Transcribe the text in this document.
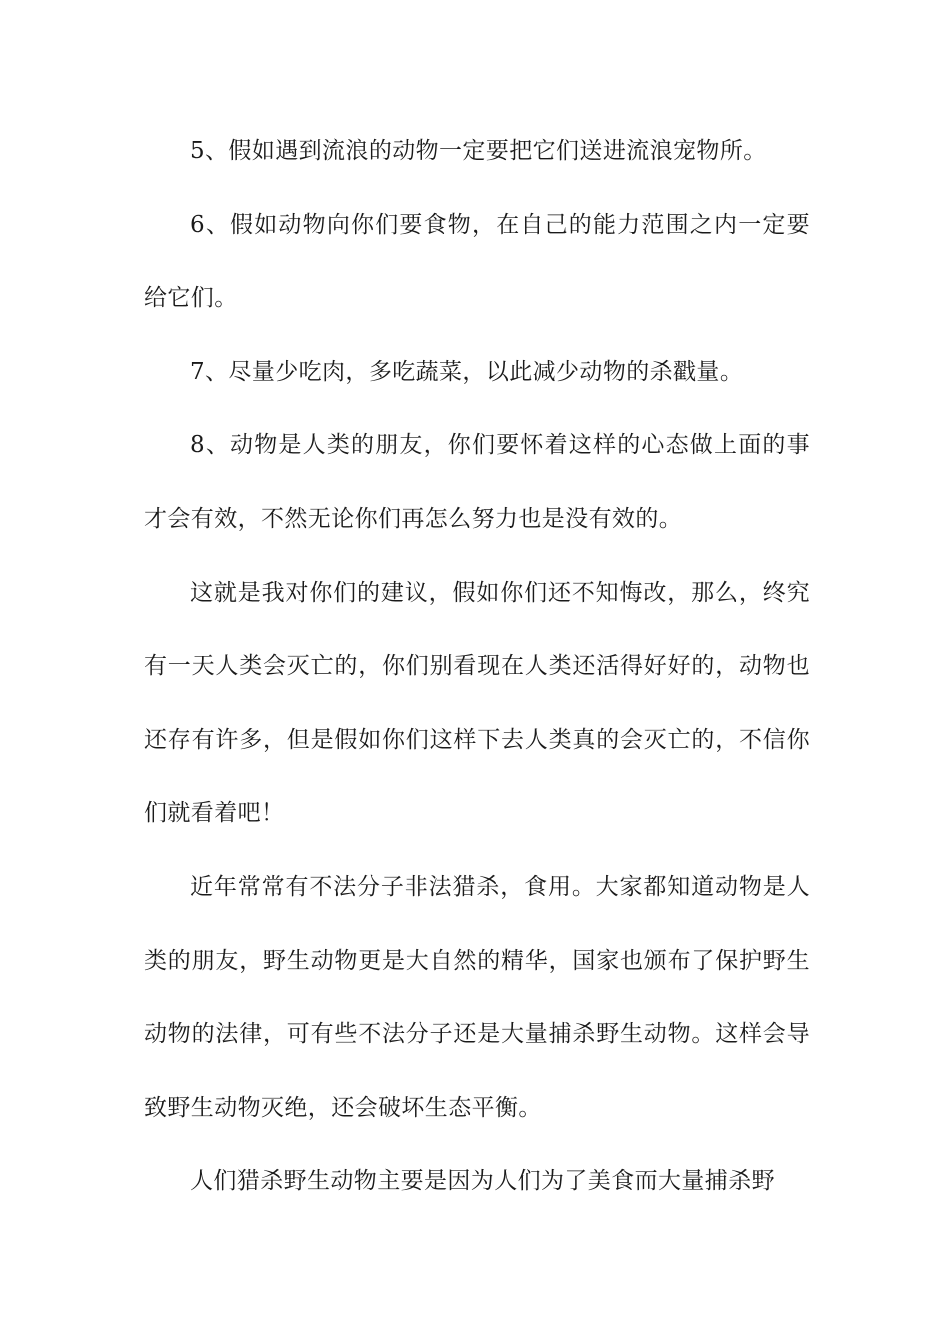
5、假如遇到流浪的动物一定要把它们送进流浪宠物所。

6、假如动物向你们要食物，在自己的能力范围之内一定要给它们。

7、尽量少吃肉，多吃蔬菜，以此减少动物的杀戳量。

8、动物是人类的朋友，你们要怀着这样的心态做上面的事才会有效，不然无论你们再怎么努力也是没有效的。

这就是我对你们的建议，假如你们还不知悔改，那么，终究有一天人类会灭亡的，你们别看现在人类还活得好好的，动物也还存有许多，但是假如你们这样下去人类真的会灭亡的，不信你们就看着吧！

近年常常有不法分子非法猎杀，食用。大家都知道动物是人类的朋友，野生动物更是大自然的精华，国家也颁布了保护野生动物的法律，可有些不法分子还是大量捕杀野生动物。这样会导致野生动物灭绝，还会破坏生态平衡。

人们猎杀野生动物主要是因为人们为了美食而大量捕杀野
